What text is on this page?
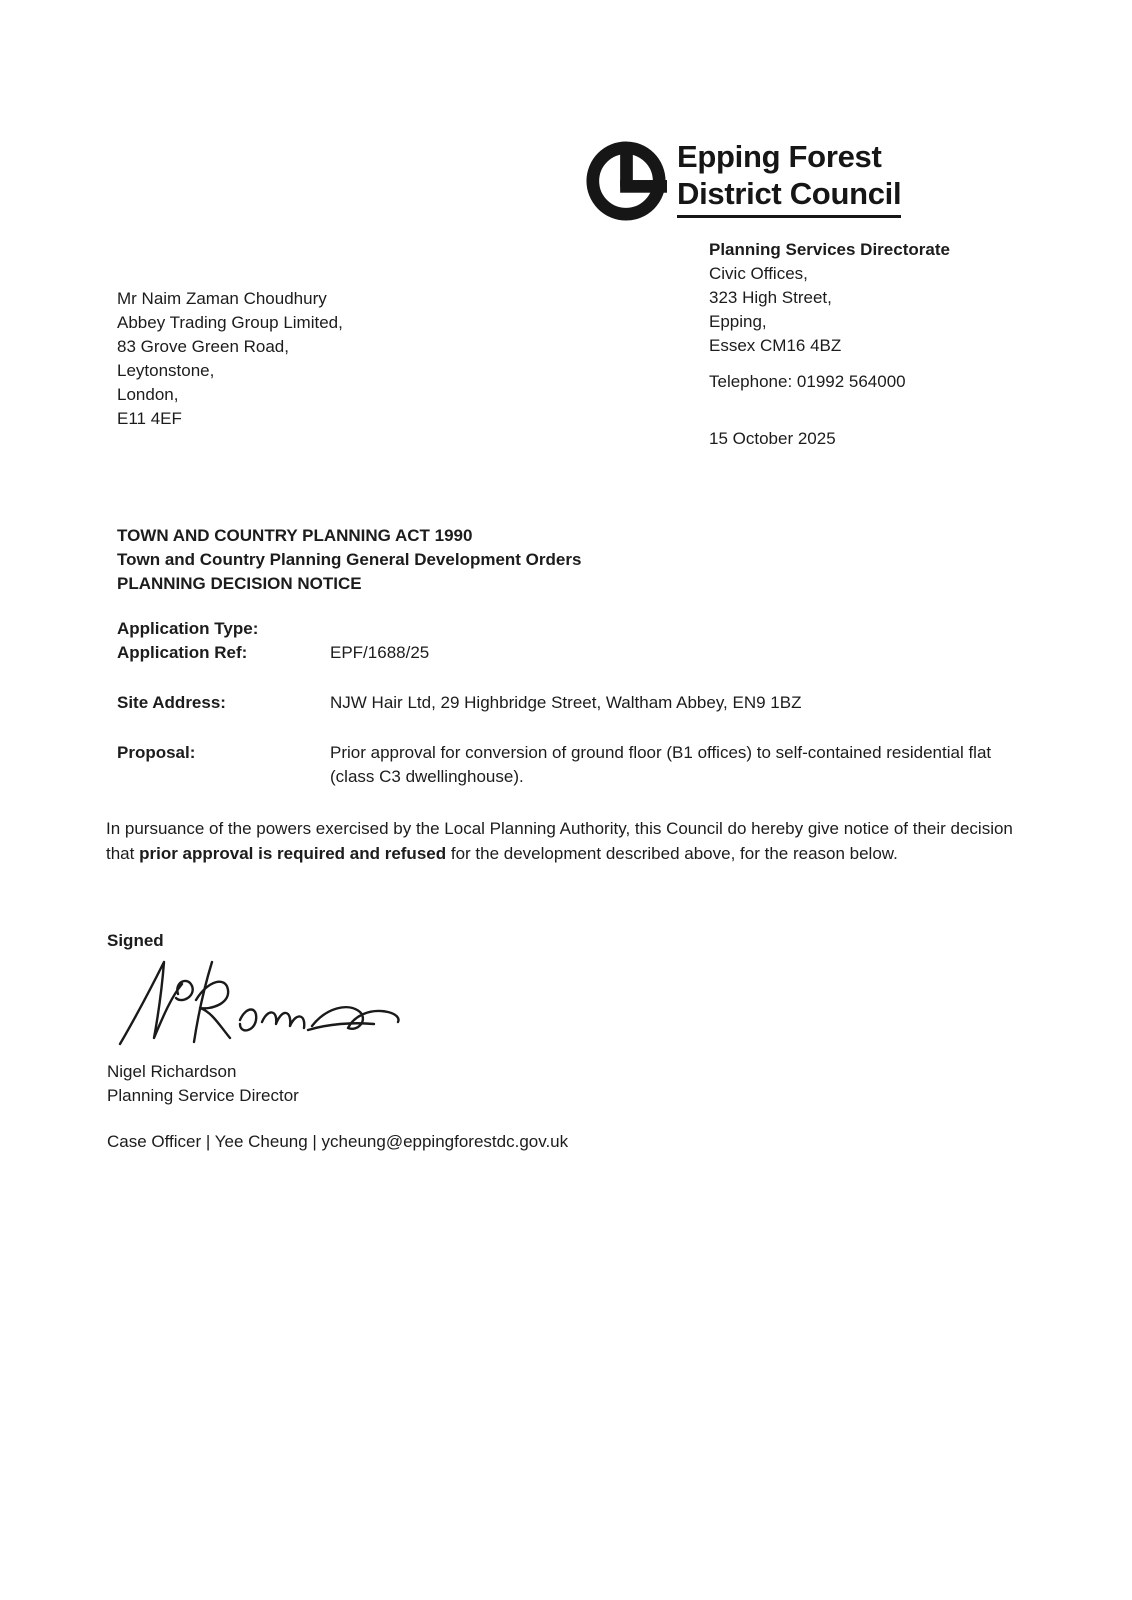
Epping Forest
District Council
Planning Services Directorate
Civic Offices,
323 High Street,
Epping,
Essex CM16 4BZ
Telephone: 01992 564000
15 October 2025
Mr Naim Zaman Choudhury
Abbey Trading Group Limited,
83 Grove Green Road,
Leytonstone,
London,
E11 4EF
TOWN AND COUNTRY PLANNING ACT 1990
Town and Country Planning General Development Orders
PLANNING DECISION NOTICE
Application Type:
Application Ref:	EPF/1688/25
Site Address:	NJW Hair Ltd, 29 Highbridge Street, Waltham Abbey, EN9 1BZ
Proposal:	Prior approval for conversion of ground floor (B1 offices) to self-contained residential flat (class C3 dwellinghouse).

In pursuance of the powers exercised by the Local Planning Authority, this Council do hereby give notice of their decision that prior approval is required and refused for the development described above, for the reason below.

Signed
Nigel Richardson
Planning Service Director
Case Officer | Yee Cheung | ycheung@eppingforestdc.gov.uk
